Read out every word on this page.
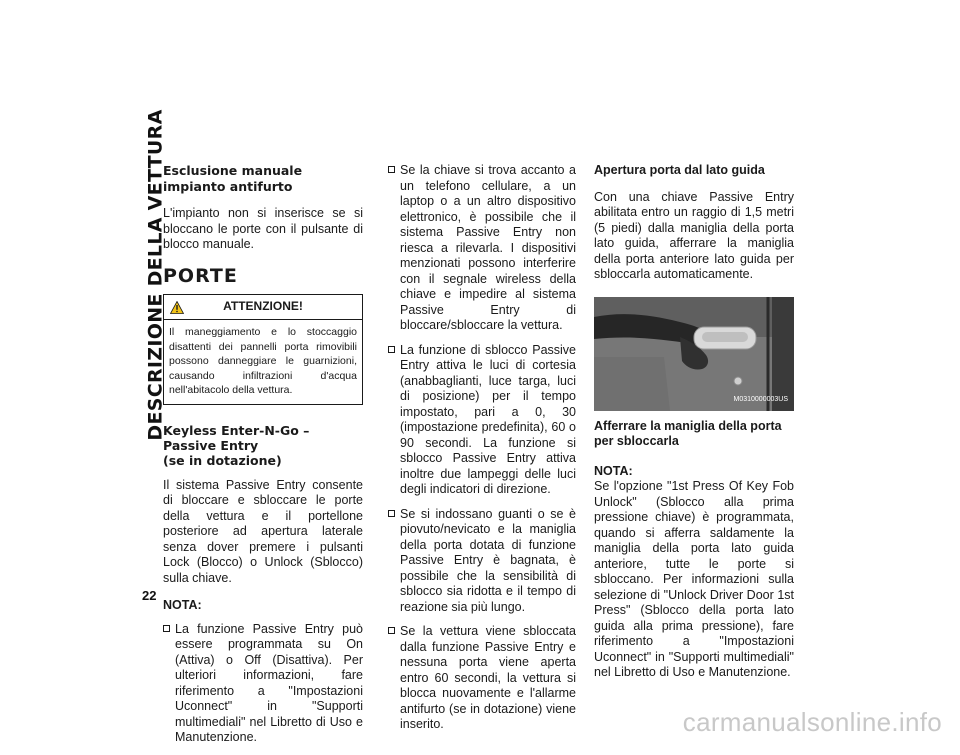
DESCRIZIONE DELLA VETTURA
22
Esclusione manuale impianto antifurto

L'impianto non si inserisce se si bloccano le porte con il pulsante di blocco manuale.

PORTE
ATTENZIONE!
Il maneggiamento e lo stoccaggio disattenti dei pannelli porta rimovibili possono danneggiare le guarnizioni, causando infiltrazioni d'acqua nell'abitacolo della vettura.
Keyless Enter-N-Go – Passive Entry
(se in dotazione)

Il sistema Passive Entry consente di bloccare e sbloccare le porte della vettura e il portellone posteriore ad apertura laterale senza dover premere i pulsanti Lock (Blocco) o Unlock (Sblocco) sulla chiave.

NOTA:
La funzione Passive Entry può essere programmata su On (Attiva) o Off (Disattiva). Per ulteriori informazioni, fare riferimento a "Impostazioni Uconnect" in "Supporti multimediali" nel Libretto di Uso e Manutenzione.
Se la chiave si trova accanto a un telefono cellulare, a un laptop o a un altro dispositivo elettronico, è possibile che il sistema Passive Entry non riesca a rilevarla. I dispositivi menzionati possono interferire con il segnale wireless della chiave e impedire al sistema Passive Entry di bloccare/sbloccare la vettura.
La funzione di sblocco Passive Entry attiva le luci di cortesia (anabbaglianti, luce targa, luci di posizione) per il tempo impostato, pari a 0, 30 (impostazione predefinita), 60 o 90 secondi. La funzione si sblocco Passive Entry attiva inoltre due lampeggi delle luci degli indicatori di direzione.
Se si indossano guanti o se è piovuto/nevicato e la maniglia della porta dotata di funzione Passive Entry è bagnata, è possibile che la sensibilità di sblocco sia ridotta e il tempo di reazione sia più lungo.
Se la vettura viene sbloccata dalla funzione Passive Entry e nessuna porta viene aperta entro 60 secondi, la vettura si blocca nuovamente e l'allarme antifurto (se in dotazione) viene inserito.
Apertura porta dal lato guida

Con una chiave Passive Entry abilitata entro un raggio di 1,5 metri (5 piedi) dalla maniglia della porta lato guida, afferrare la maniglia della porta anteriore lato guida per sbloccarla automaticamente.

M0310000003US
Afferrare la maniglia della porta per sbloccarla
NOTA:

Se l'opzione "1st Press Of Key Fob Unlock" (Sblocco alla prima pressione chiave) è programmata, quando si afferra saldamente la maniglia della porta lato guida anteriore, tutte le porte si sbloccano. Per informazioni sulla selezione di "Unlock Driver Door 1st Press" (Sblocco della porta lato guida alla prima pressione), fare riferimento a "Impostazioni Uconnect" in "Supporti multimediali" nel Libretto di Uso e Manutenzione.

carmanualsonline.info
